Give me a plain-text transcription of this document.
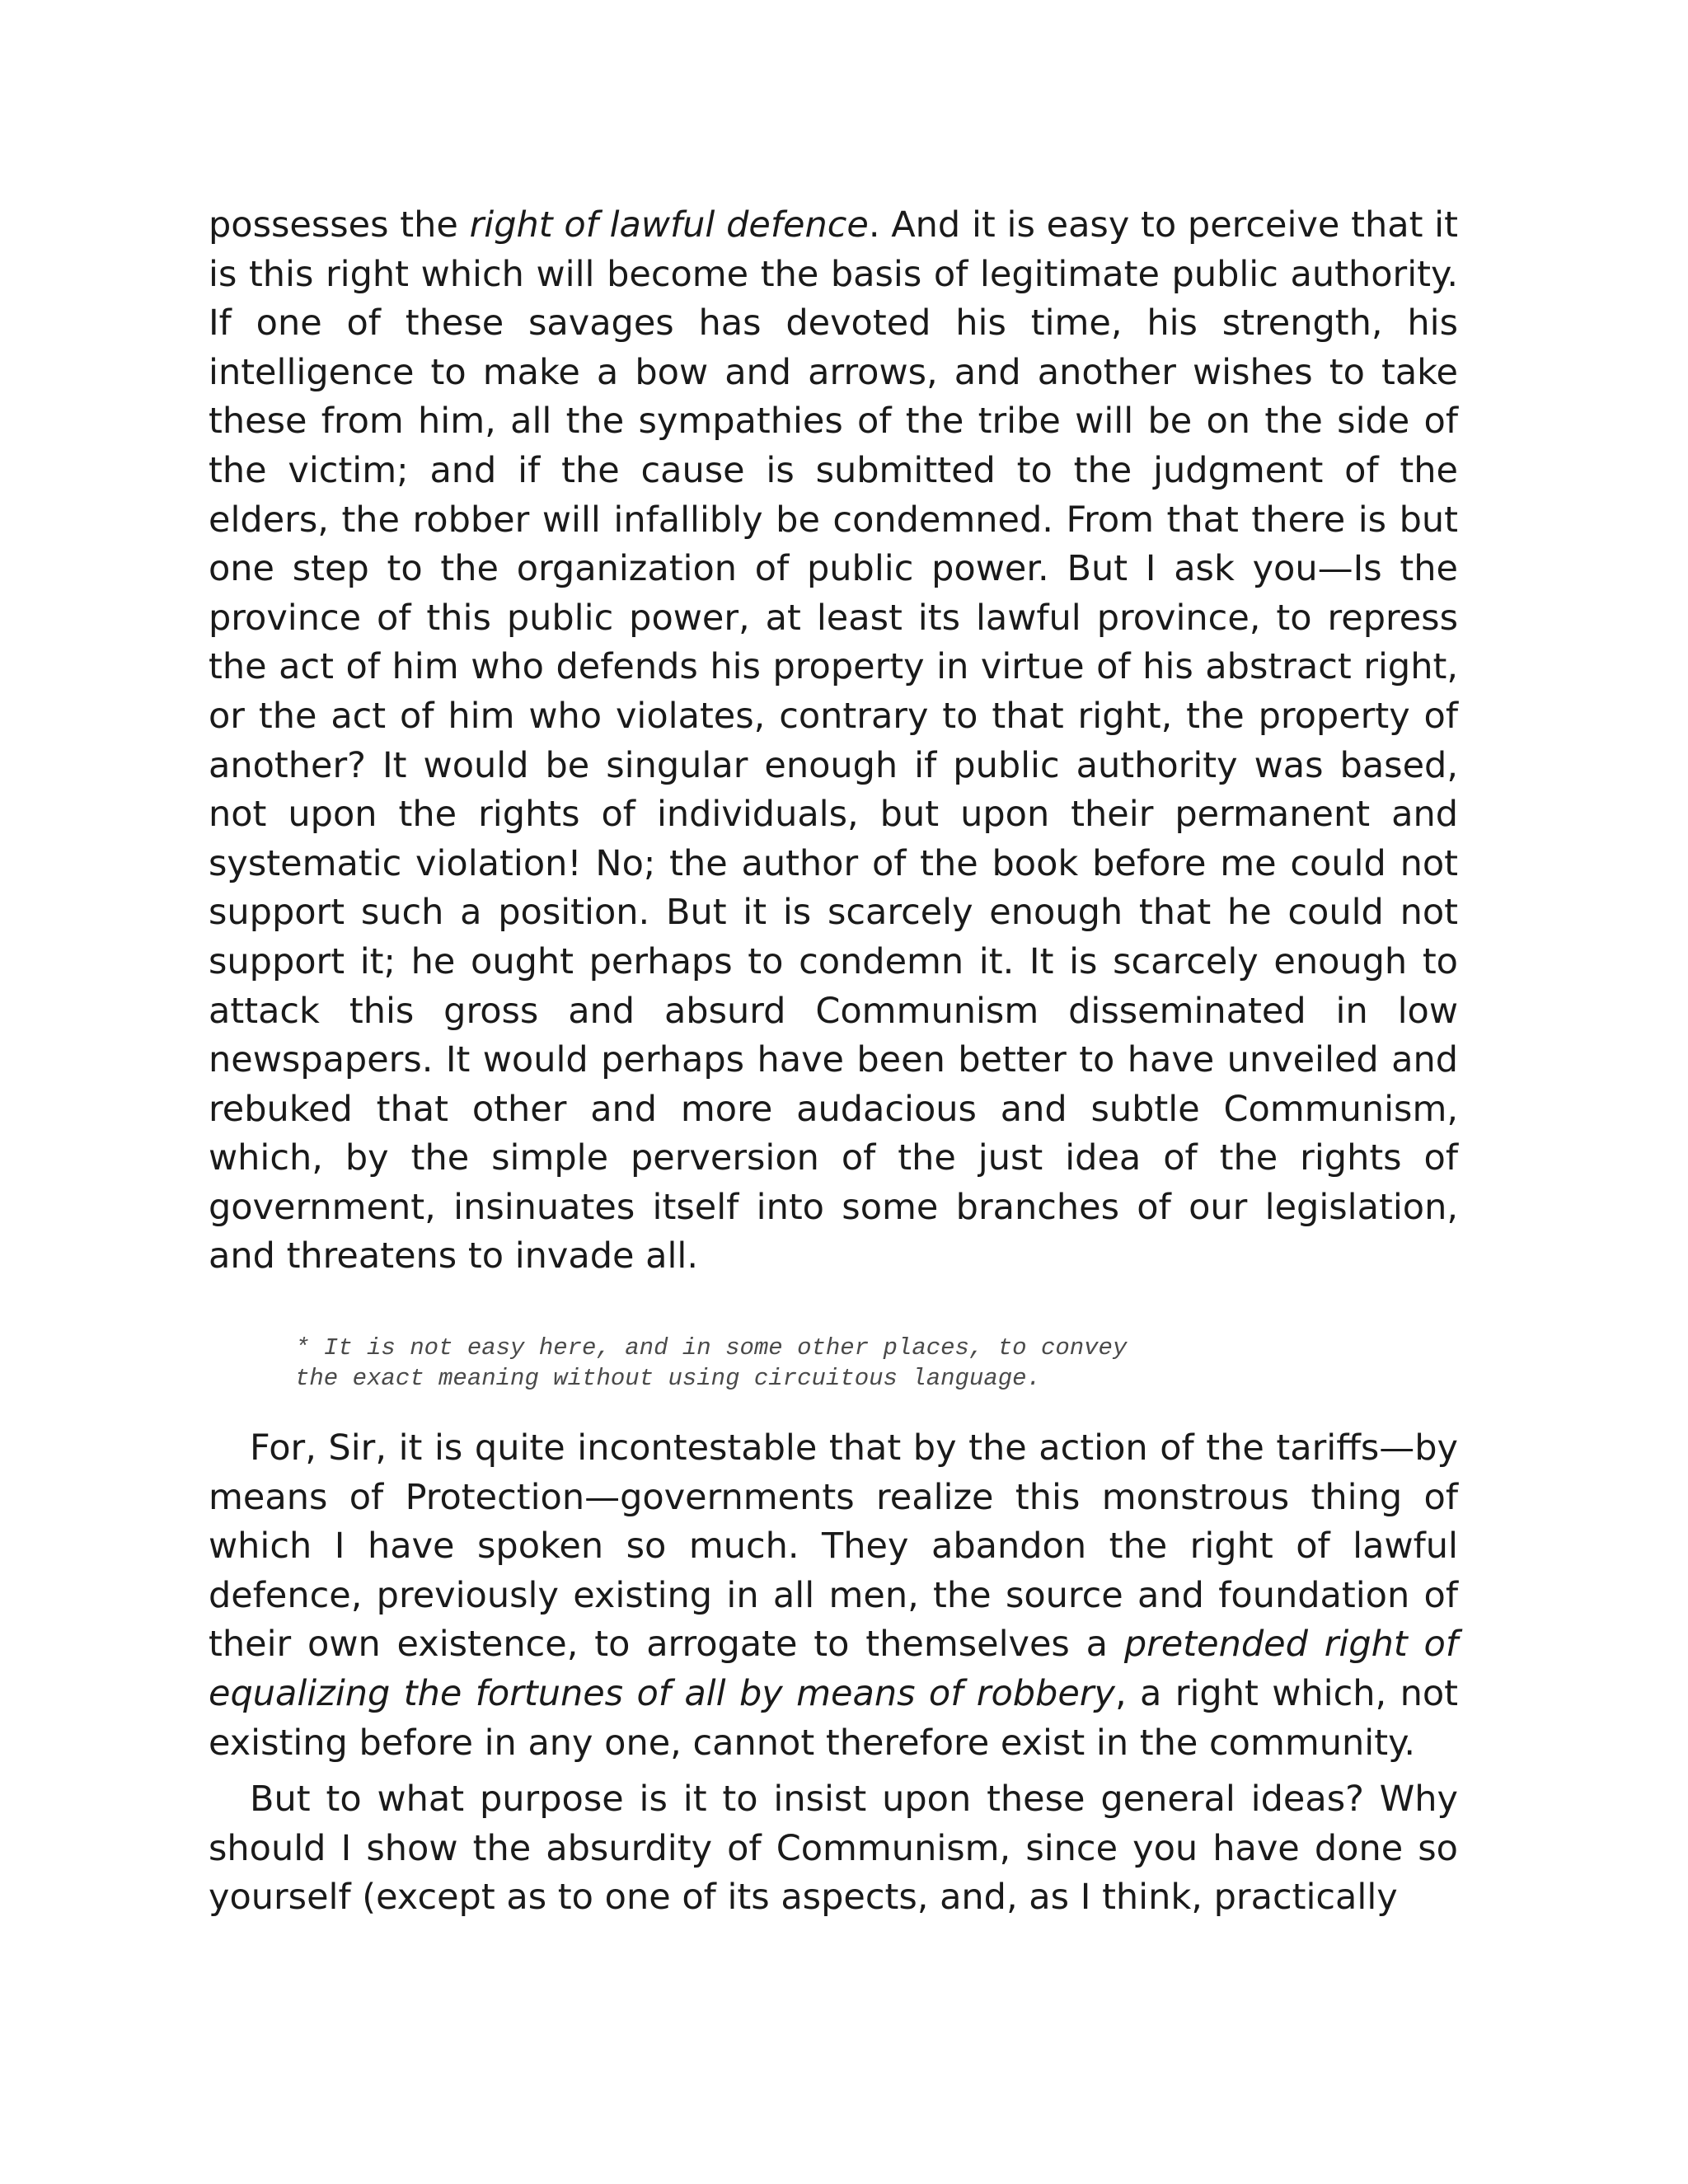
possesses the right of lawful defence. And it is easy to perceive that it is this right which will become the basis of legitimate public authority. If one of these savages has devoted his time, his strength, his intelligence to make a bow and arrows, and another wishes to take these from him, all the sympathies of the tribe will be on the side of the victim; and if the cause is submitted to the judgment of the elders, the robber will infallibly be condemned. From that there is but one step to the organization of public power. But I ask you—Is the province of this public power, at least its lawful province, to repress the act of him who defends his property in virtue of his abstract right, or the act of him who violates, contrary to that right, the property of another? It would be singular enough if public authority was based, not upon the rights of individuals, but upon their permanent and systematic violation! No; the author of the book before me could not support such a position. But it is scarcely enough that he could not support it; he ought perhaps to condemn it. It is scarcely enough to attack this gross and absurd Communism disseminated in low newspapers. It would perhaps have been better to have unveiled and rebuked that other and more audacious and subtle Communism, which, by the simple perversion of the just idea of the rights of government, insinuates itself into some branches of our legislation, and threatens to invade all.

* It is not easy here, and in some other places, to convey
the exact meaning without using circuitous language.

For, Sir, it is quite incontestable that by the action of the tariffs—by means of Protection—governments realize this monstrous thing of which I have spoken so much. They abandon the right of lawful defence, previously existing in all men, the source and foundation of their own existence, to arrogate to themselves a pretended right of equalizing the fortunes of all by means of robbery, a right which, not existing before in any one, cannot therefore exist in the community.

But to what purpose is it to insist upon these general ideas? Why should I show the absurdity of Communism, since you have done so yourself (except as to one of its aspects, and, as I think, practically
